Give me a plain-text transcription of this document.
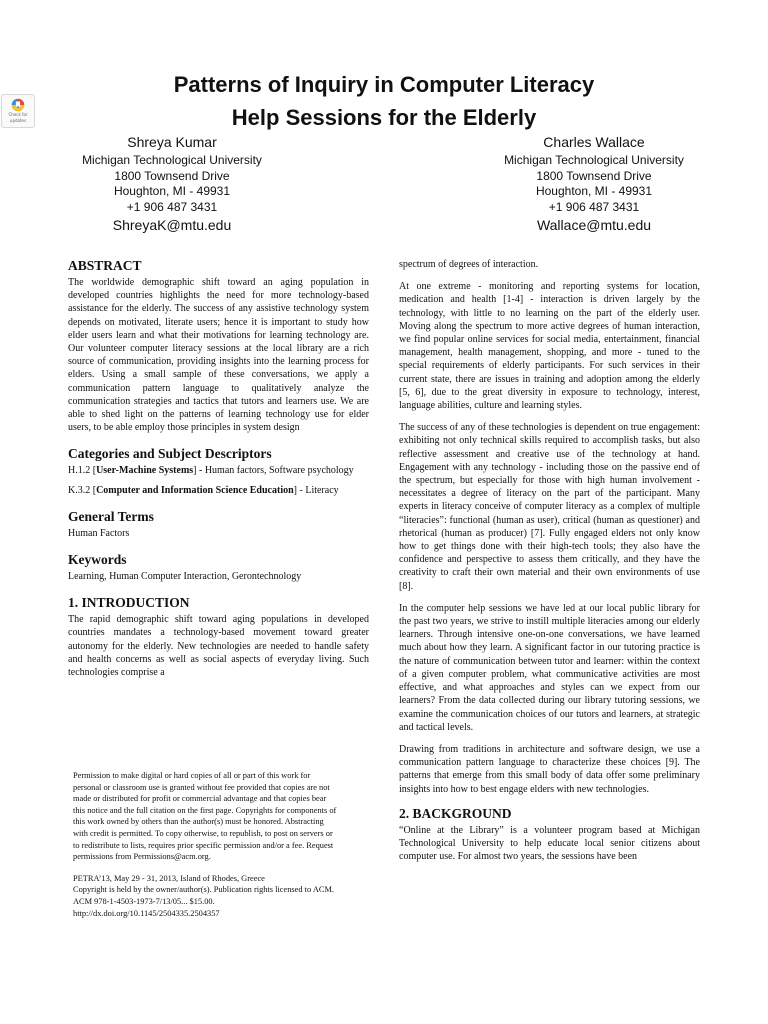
Check for
updates
Patterns of Inquiry in Computer Literacy
Help Sessions for the Elderly
Shreya Kumar
Michigan Technological University
1800 Townsend Drive
Houghton, MI - 49931
+1 906 487 3431
ShreyaK@mtu.edu
Charles Wallace
Michigan Technological University
1800 Townsend Drive
Houghton, MI - 49931
+1 906 487 3431
Wallace@mtu.edu
ABSTRACT
The worldwide demographic shift toward an aging population in developed countries highlights the need for more technology-based assistance for the elderly. The success of any assistive technology system depends on motivated, literate users; hence it is important to study how elder users learn and what their motivations for learning technology are. Our volunteer computer literacy sessions at the local library are a rich source of communication, providing insights into the learning process for elders. Using a small sample of these conversations, we apply a communication pattern language to qualitatively analyze the communication strategies and tactics that tutors and learners use. We are able to shed light on the patterns of learning technology use for elder users, to be able employ those principles in system design
Categories and Subject Descriptors
H.1.2 [User-Machine Systems] - Human factors, Software psychology
K.3.2 [Computer and Information Science Education] - Literacy
General Terms
Human Factors
Keywords
Learning, Human Computer Interaction, Gerontechnology
1. INTRODUCTION
The rapid demographic shift toward aging populations in developed countries mandates a technology-based movement toward greater autonomy for the elderly. New technologies are needed to handle safety and health concerns as well as social aspects of everyday living. Such technologies comprise a
Permission to make digital or hard copies of all or part of this work for
personal or classroom use is granted without fee provided that copies are not
made or distributed for profit or commercial advantage and that copies bear
this notice and the full citation on the first page. Copyrights for components of
this work owned by others than the author(s) must be honored. Abstracting
with credit is permitted. To copy otherwise, to republish, to post on servers or
to redistribute to lists, requires prior specific permission and/or a fee. Request
permissions from Permissions@acm.org.
PETRA’13, May 29 - 31, 2013, Island of Rhodes, Greece
Copyright is held by the owner/author(s). Publication rights licensed to ACM.
ACM 978-1-4503-1973-7/13/05... $15.00.
http://dx.doi.org/10.1145/2504335.2504357
spectrum of degrees of interaction.
At one extreme - monitoring and reporting systems for location, medication and health [1-4] - interaction is driven largely by the technology, with little to no learning on the part of the elderly user. Moving along the spectrum to more active degrees of human interaction, we find popular online services for social media, entertainment, financial management, health management, shopping, and more - tuned to the special requirements of elderly participants. For such services in their current state, there are issues in training and adoption among the elderly [5, 6], due to the great diversity in exposure to technology, interest, language abilities, culture and learning styles.
The success of any of these technologies is dependent on true engagement: exhibiting not only technical skills required to accomplish tasks, but also reflective assessment and creative use of the technology at hand. Engagement with any technology - including those on the passive end of the spectrum, but especially for those with high human involvement - necessitates a degree of literacy on the part of the participant. Many experts in literacy conceive of computer literacy as a complex of multiple “literacies”: functional (human as user), critical (human as questioner) and rhetorical (human as producer) [7]. Fully engaged elders not only know how to get things done with their high-tech tools; they also have the confidence and perspective to assess them critically, and they have the creativity to craft their own material and their own environments of use [8].
In the computer help sessions we have led at our local public library for the past two years, we strive to instill multiple literacies among our elderly learners. Through intensive one-on-one conversations, we have learned much about how they learn. A significant factor in our tutoring practice is the nature of communication between tutor and learner: within the context of a given computer problem, what communicative activities are most effective, and what approaches and styles can we expect from our learners? From the data collected during our library tutoring sessions, we examine the communication choices of our tutors and learners, at strategic and tactical levels.
Drawing from traditions in architecture and software design, we use a communication pattern language to characterize these choices [9]. The patterns that emerge from this small body of data offer some preliminary insights into how to best engage elders with new technologies.
2. BACKGROUND
“Online at the Library” is a volunteer program based at Michigan Technological University to help educate local senior citizens about computer use. For almost two years, the sessions have been
